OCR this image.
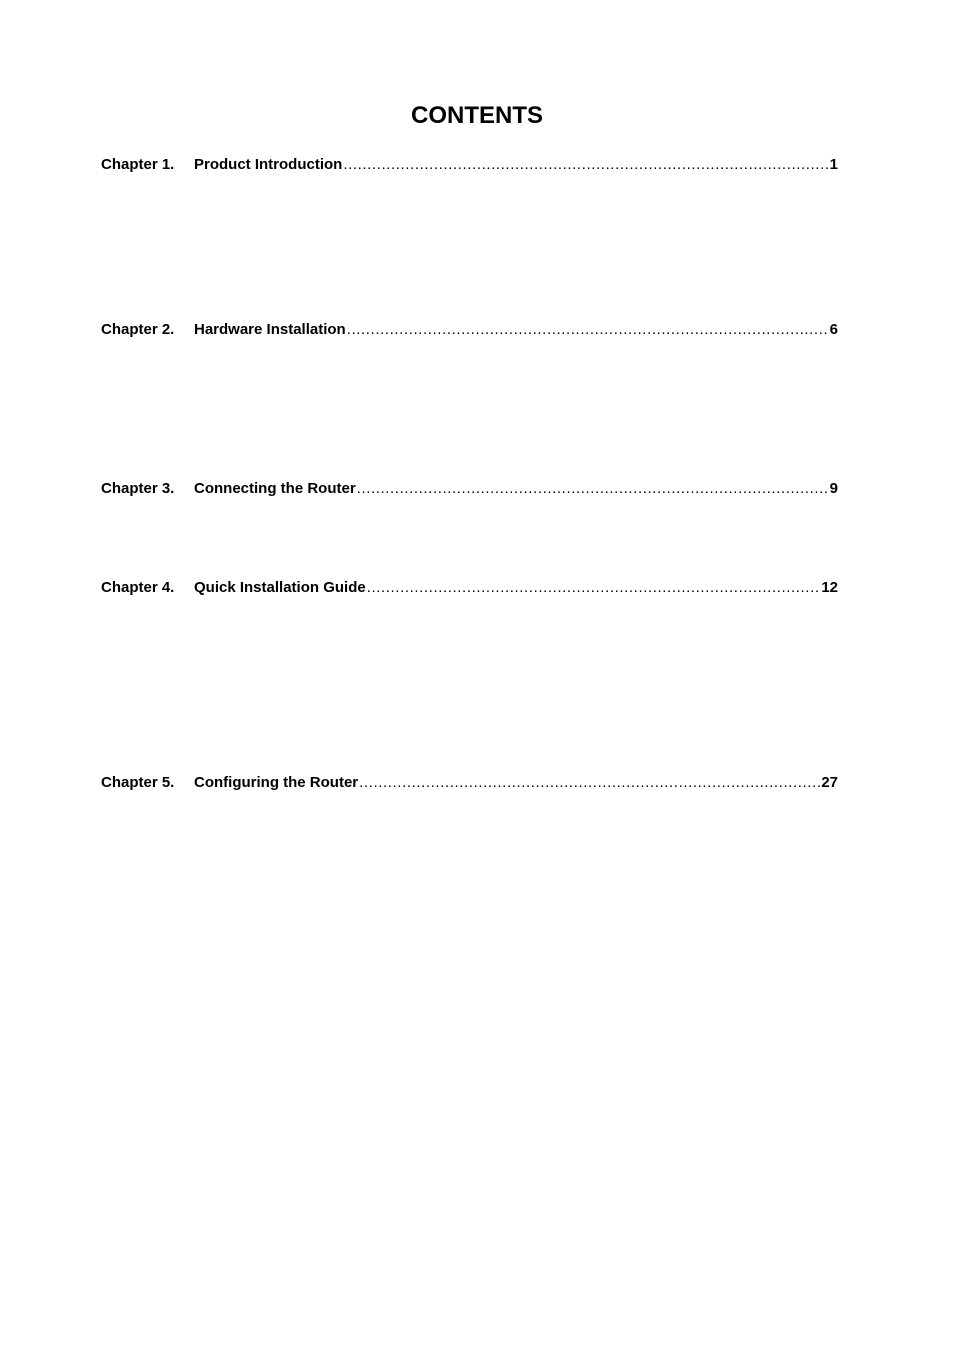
CONTENTS
Chapter 1.	Product Introduction .....	1
Chapter 2.	Hardware Installation .....	6
Chapter 3.	Connecting the Router .....	9
Chapter 4.	Quick Installation Guide .....	12
Chapter 5.	Configuring the Router .....	27
